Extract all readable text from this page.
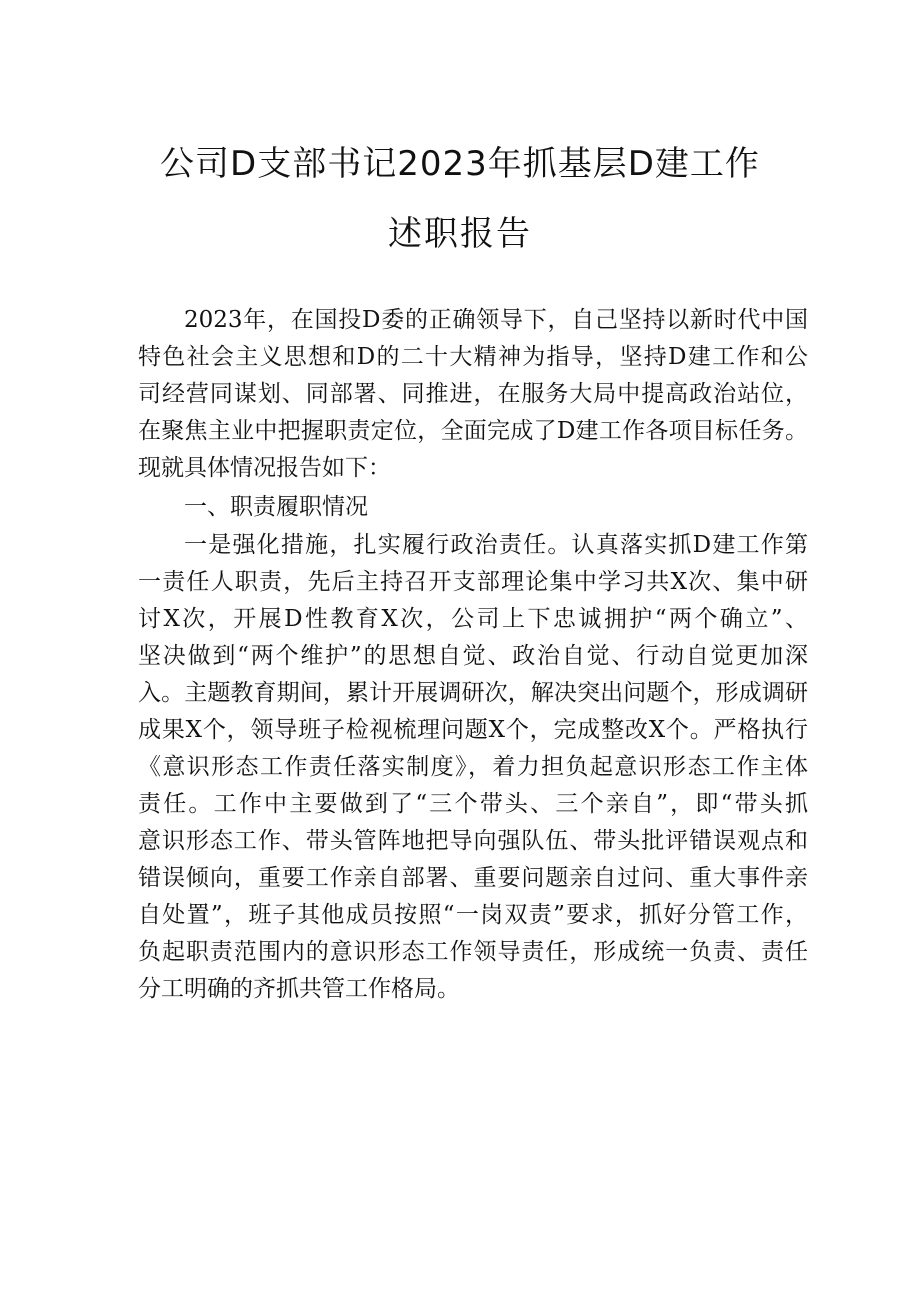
公司D支部书记2023年抓基层D建工作
述职报告
2023年，在国投D委的正确领导下，自己坚持以新时代中国
特色社会主义思想和D的二十大精神为指导，坚持D建工作和公
司经营同谋划、同部署、同推进，在服务大局中提高政治站位，
在聚焦主业中把握职责定位，全面完成了D建工作各项目标任务。
现就具体情况报告如下：
一、职责履职情况
一是强化措施，扎实履行政治责任。认真落实抓D建工作第
一责任人职责，先后主持召开支部理论集中学习共X次、集中研
讨X次，开展D性教育X次，公司上下忠诚拥护“两个确立”、
坚决做到“两个维护”的思想自觉、政治自觉、行动自觉更加深
入。主题教育期间，累计开展调研次，解决突出问题个，形成调研
成果X个，领导班子检视梳理问题X个，完成整改X个。严格执行
《意识形态工作责任落实制度》，着力担负起意识形态工作主体
责任。工作中主要做到了“三个带头、三个亲自”，即“带头抓
意识形态工作、带头管阵地把导向强队伍、带头批评错误观点和
错误倾向，重要工作亲自部署、重要问题亲自过问、重大事件亲
自处置”，班子其他成员按照“一岗双责”要求，抓好分管工作，
负起职责范围内的意识形态工作领导责任，形成统一负责、责任
分工明确的齐抓共管工作格局。
